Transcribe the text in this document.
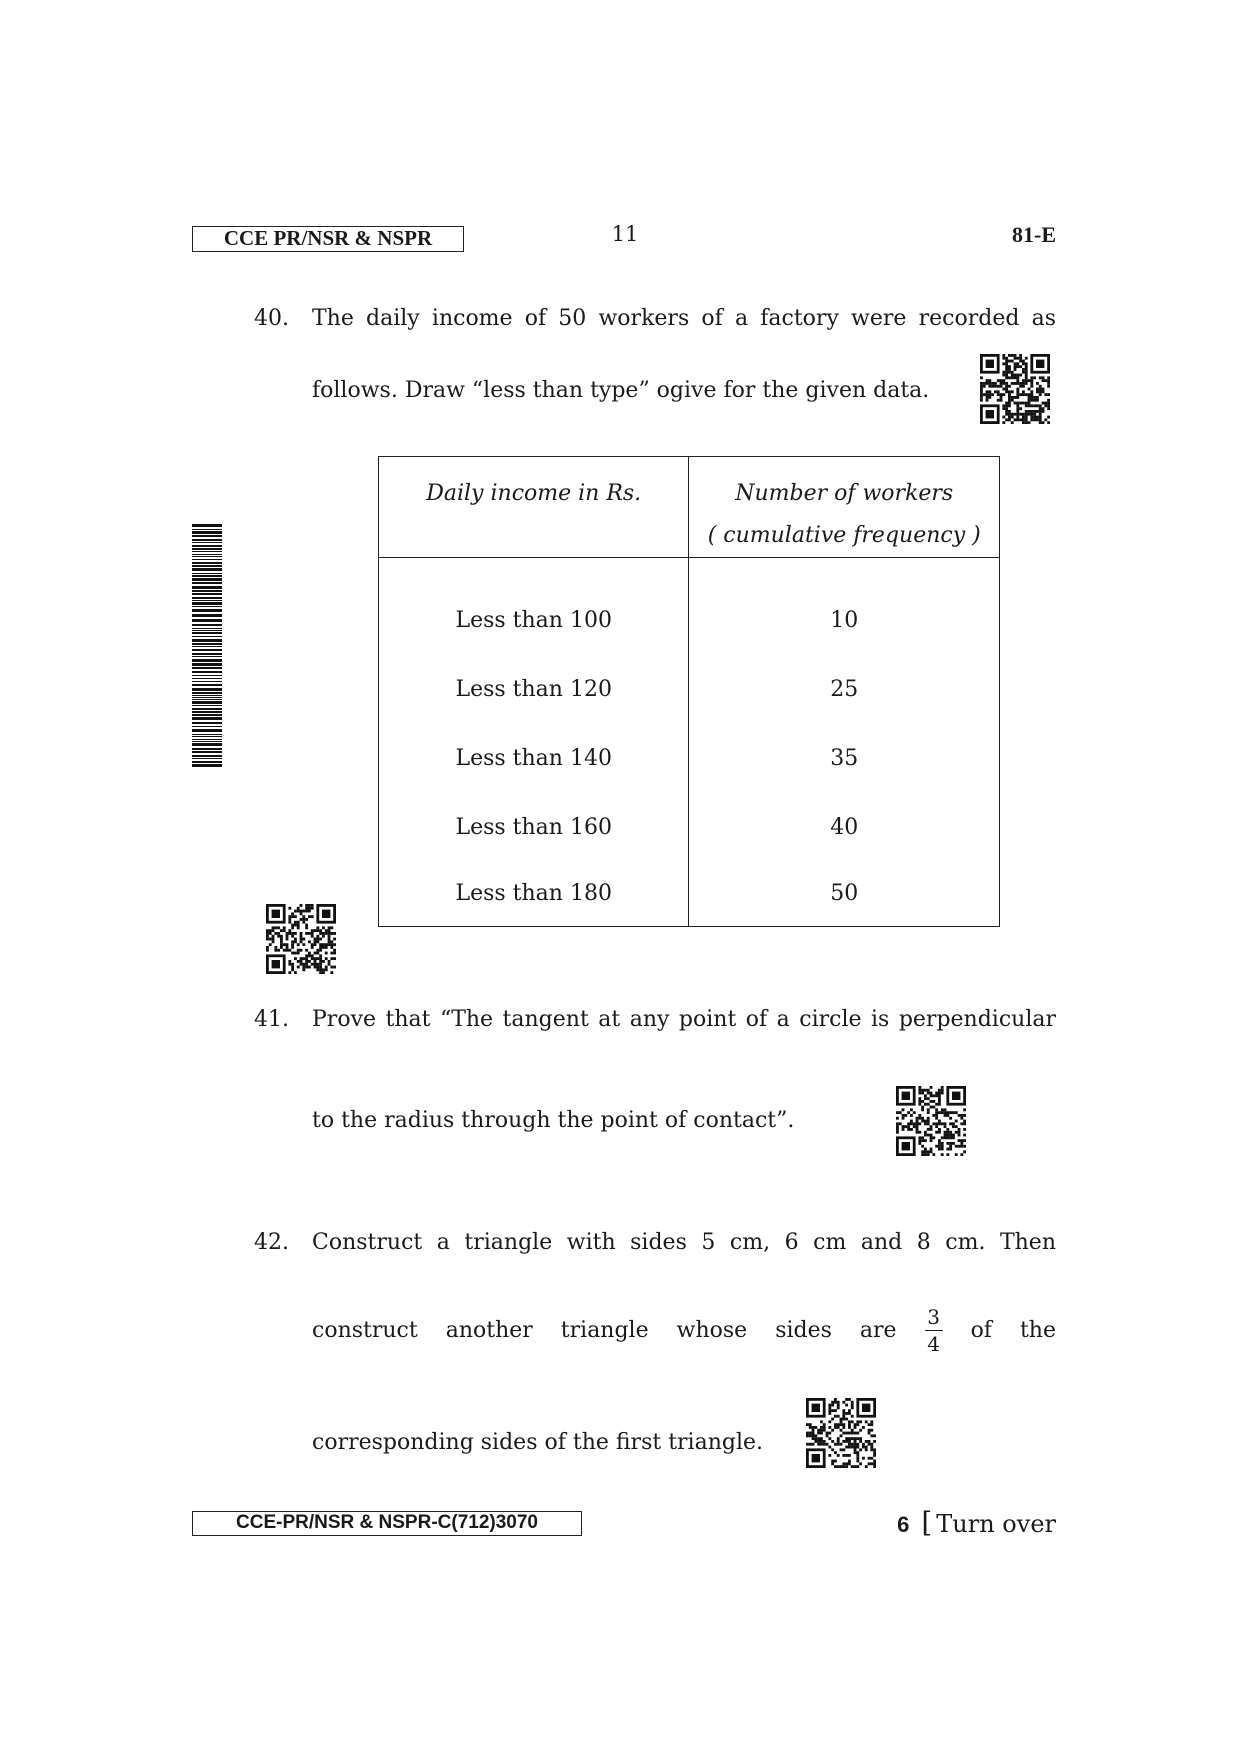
CCE PR/NSR & NSPR	11	81-E
40. The daily income of 50 workers of a factory were recorded as
follows. Draw “less than type” ogive for the given data.
Daily income in Rs.	Number of workers
( cumulative frequency )
Less than 100	10
Less than 120	25
Less than 140	35
Less than 160	40
Less than 180	50
41. Prove that “The tangent at any point of a circle is perpendicular
to the radius through the point of contact”.
42. Construct a triangle with sides 5 cm, 6 cm and 8 cm. Then
construct another triangle whose sides are $\frac{3}{4}$ of the
corresponding sides of the first triangle.
CCE-PR/NSR & NSPR-C(712)3070	6 [ Turn over
